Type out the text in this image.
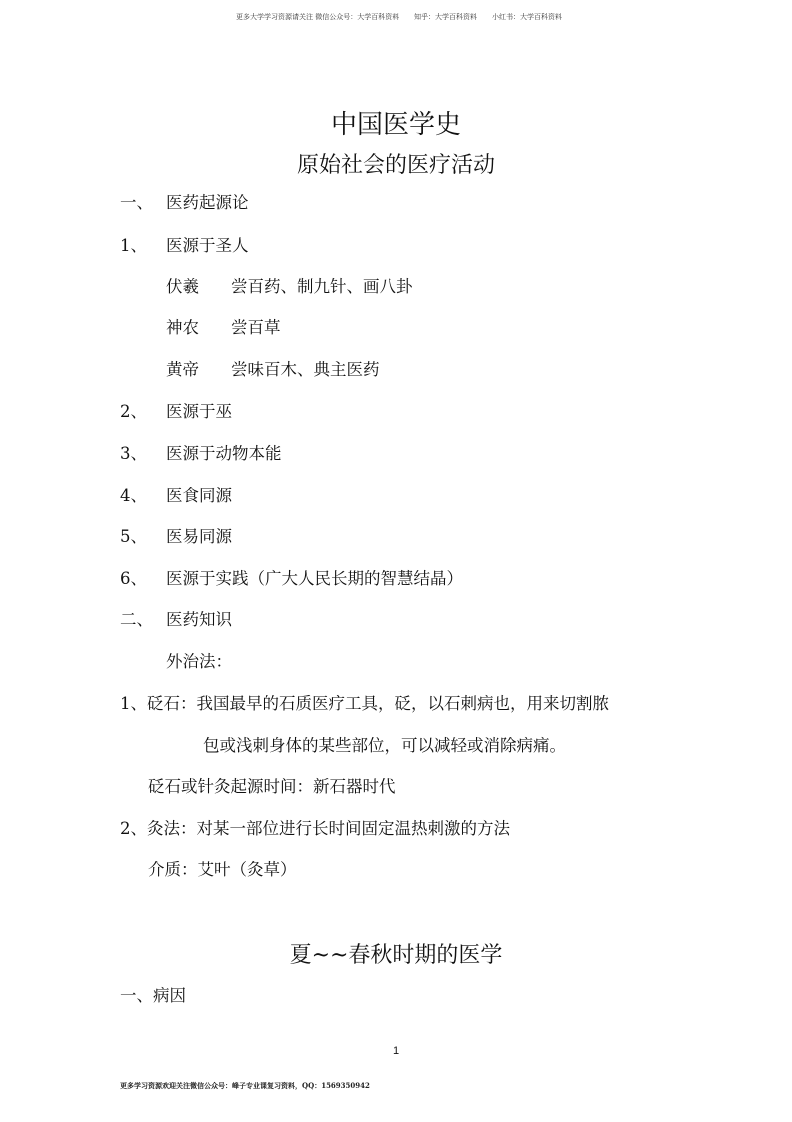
更多大学学习资源请关注 微信公众号：大学百科资料 知乎：大学百科资料 小红书：大学百科资料
中国医学史
原始社会的医疗活动
一、 医药起源论
1、 医源于圣人
伏羲 尝百药、制九针、画八卦
神农 尝百草
黄帝 尝味百木、典主医药
2、 医源于巫
3、 医源于动物本能
4、 医食同源
5、 医易同源
6、 医源于实践（广大人民长期的智慧结晶）
二、 医药知识
外治法：
1、砭石：我国最早的石质医疗工具，砭，以石刺病也，用来切割脓
包或浅刺身体的某些部位，可以减轻或消除病痛。
砭石或针灸起源时间：新石器时代
2、灸法：对某一部位进行长时间固定温热刺激的方法
介质：艾叶（灸草）
夏~~春秋时期的医学
一、病因
1
更多学习资源欢迎关注微信公众号：峰子专业课复习资料，QQ：1569350942
